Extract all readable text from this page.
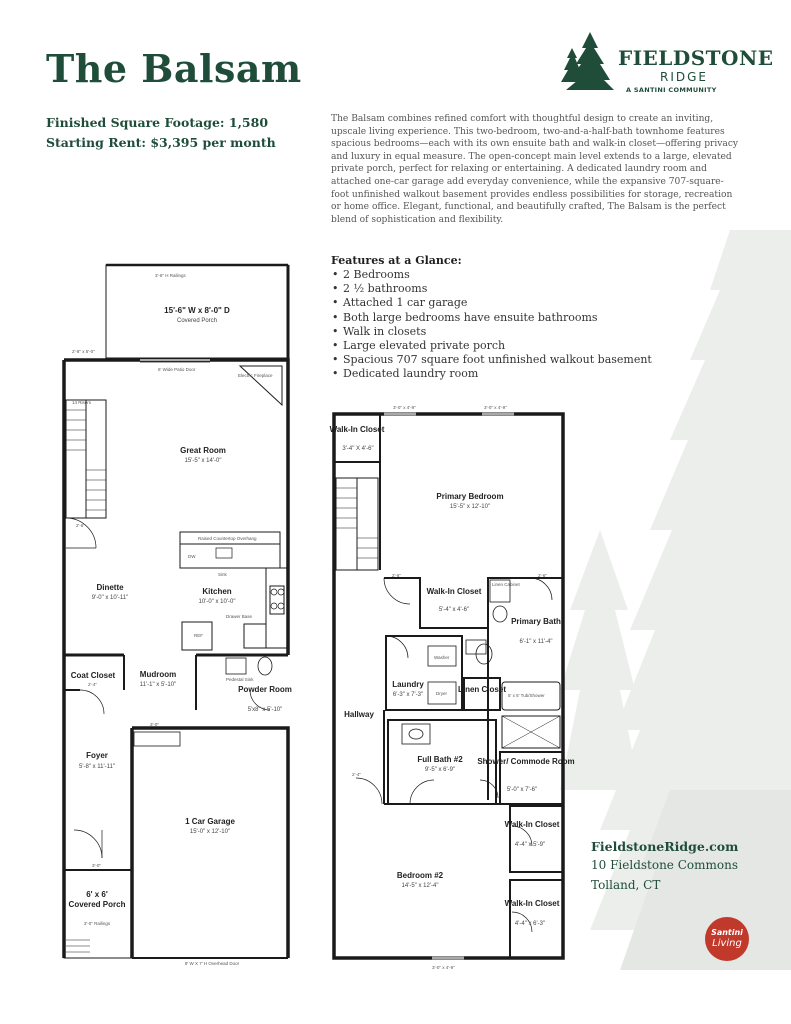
The Balsam
Finished Square Footage: 1,580
Starting Rent: $3,395 per month
FIELDSTONE
RIDGE
A SANTINI COMMUNITY
The Balsam combines refined comfort with thoughtful design to create an inviting, upscale living experience. This two-bedroom, two-and-a-half-bath townhome features spacious bedrooms—each with its own ensuite bath and walk-in closet—offering privacy and luxury in equal measure. The open-concept main level extends to a large, elevated private porch, perfect for relaxing or entertaining. A dedicated laundry room and attached one-car garage add everyday convenience, while the expansive 707-square-foot unfinished walkout basement provides endless possibilities for storage, recreation or home office. Elegant, functional, and beautifully crafted, The Balsam is the perfect blend of sophistication and flexibility.
Features at a Glance:
• 2 Bedrooms
• 2 ½ bathrooms
• Attached 1 car garage
• Both large bedrooms have ensuite bathrooms
• Walk in closets
• Large elevated private porch
• Spacious 707 square foot unfinished walkout basement
• Dedicated laundry room
3'-6" H Railings
15'-6" W x 8'-0" D
Covered Porch
6' Wide Patio Door
Electric Fireplace
2'-8" x 5'-0"
14 Risers
Great Room
15'-5" x 14'-0"
2'-6"
Raised Countertop Overhang
DW
Sink
Kitchen
10'-0" x 10'-0"
Drawer Base
REF
Dinette
9'-0" x 10'-11"
Coat Closet
2'-4"
Mudroom
11'-1" x 5'-10"
Pedestal Sink
Powder Room
5'x8" x 5'-10"
3'-0"
Foyer
5'-8" x 11'-11"
3'-0"
1 Car Garage
15'-0" x 12'-10"
6' x 6'
Covered Porch
3'-0" Railings
9' W X 7' H Overhead Door
3'-0" x 4'-9"	3'-0" x 4'-9"
Walk-In Closet
3'-4" X 4'-6"
Primary Bedroom
15'-5" x 12'-10"
2'-6"	2'-6"
Walk-In Closet
5'-4" x 4'-6"
Linen Cabinet
Primary Bath
6'-1" x 11'-4"
Washer
Dryer
Laundry
6'-3" x 7'-3"
Linen Closet
5' x 5' Tub/Shower
Hallway
Full Bath #2
9'-5" x 6'-9"
Shower/ Commode Room
5'-0" x 7'-6"
2'-4"
Walk-In Closet
4'-4" x 5'-9"
Bedroom #2
14'-5" x 12'-4"
Walk-In Closet
4'-4" x 6'-3"
3'-0" x 4'-9"
FieldstoneRidge.com
10 Fieldstone Commons
Tolland, CT
Santini
Living
